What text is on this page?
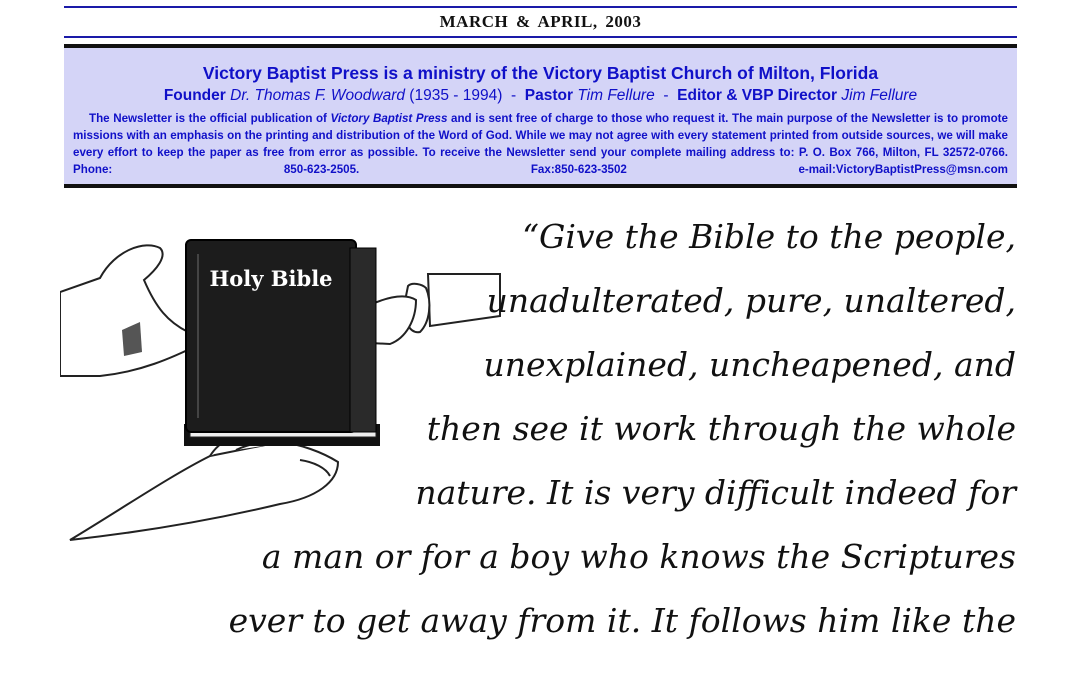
MARCH & APRIL, 2003
Victory Baptist Press is a ministry of the Victory Baptist Church of Milton, Florida
Founder Dr. Thomas F. Woodward (1935 - 1994) - Pastor Tim Fellure - Editor & VBP Director Jim Fellure
The Newsletter is the official publication of Victory Baptist Press and is sent free of charge to those who request it. The main purpose of the Newsletter is to promote missions with an emphasis on the printing and distribution of the Word of God. While we may not agree with every statement printed from outside sources, we will make every effort to keep the paper as free from error as possible. To receive the Newsletter send your complete mailing address to: P. O. Box 766, Milton, FL 32572-0766. Phone: 850-623-2505. Fax:850-623-3502 e-mail:VictoryBaptistPress@msn.com
Holy Bible
“Give the Bible to the people,
unadulterated, pure, unaltered,
unexplained, uncheapened, and
then see it work through the whole
nature. It is very difficult indeed for
a man or for a boy who knows the Scriptures
ever to get away from it. It follows him like the
